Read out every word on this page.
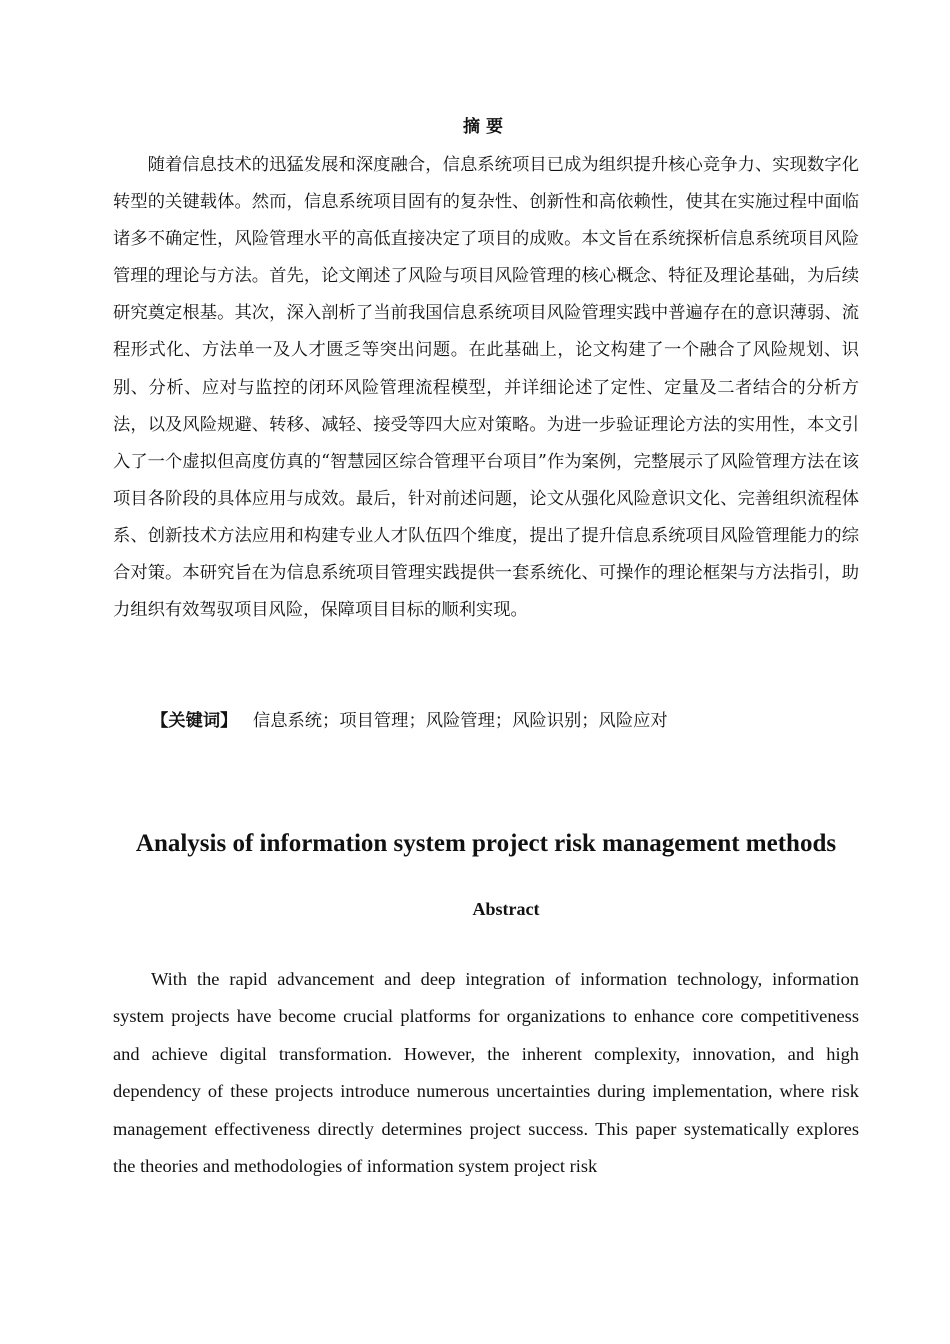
摘要

随着信息技术的迅猛发展和深度融合，信息系统项目已成为组织提升核心竞争力、实现数字化转型的关键载体。然而，信息系统项目固有的复杂性、创新性和高依赖性，使其在实施过程中面临诸多不确定性，风险管理水平的高低直接决定了项目的成败。本文旨在系统探析信息系统项目风险管理的理论与方法。首先，论文阐述了风险与项目风险管理的核心概念、特征及理论基础，为后续研究奠定根基。其次，深入剖析了当前我国信息系统项目风险管理实践中普遍存在的意识薄弱、流程形式化、方法单一及人才匮乏等突出问题。在此基础上，论文构建了一个融合了风险规划、识别、分析、应对与监控的闭环风险管理流程模型，并详细论述了定性、定量及二者结合的分析方法，以及风险规避、转移、减轻、接受等四大应对策略。为进一步验证理论方法的实用性，本文引入了一个虚拟但高度仿真的“智慧园区综合管理平台项目”作为案例，完整展示了风险管理方法在该项目各阶段的具体应用与成效。最后，针对前述问题，论文从强化风险意识文化、完善组织流程体系、创新技术方法应用和构建专业人才队伍四个维度，提出了提升信息系统项目风险管理能力的综合对策。本研究旨在为信息系统项目管理实践提供一套系统化、可操作的理论框架与方法指引，助力组织有效驾驭项目风险，保障项目目标的顺利实现。

【关键词】 信息系统；项目管理；风险管理；风险识别；风险应对
Analysis of information system project risk management methods
Abstract

With the rapid advancement and deep integration of information technology, information system projects have become crucial platforms for organizations to enhance core competitiveness and achieve digital transformation. However, the inherent complexity, innovation, and high dependency of these projects introduce numerous uncertainties during implementation, where risk management effectiveness directly determines project success. This paper systematically explores the theories and methodologies of information system project risk
